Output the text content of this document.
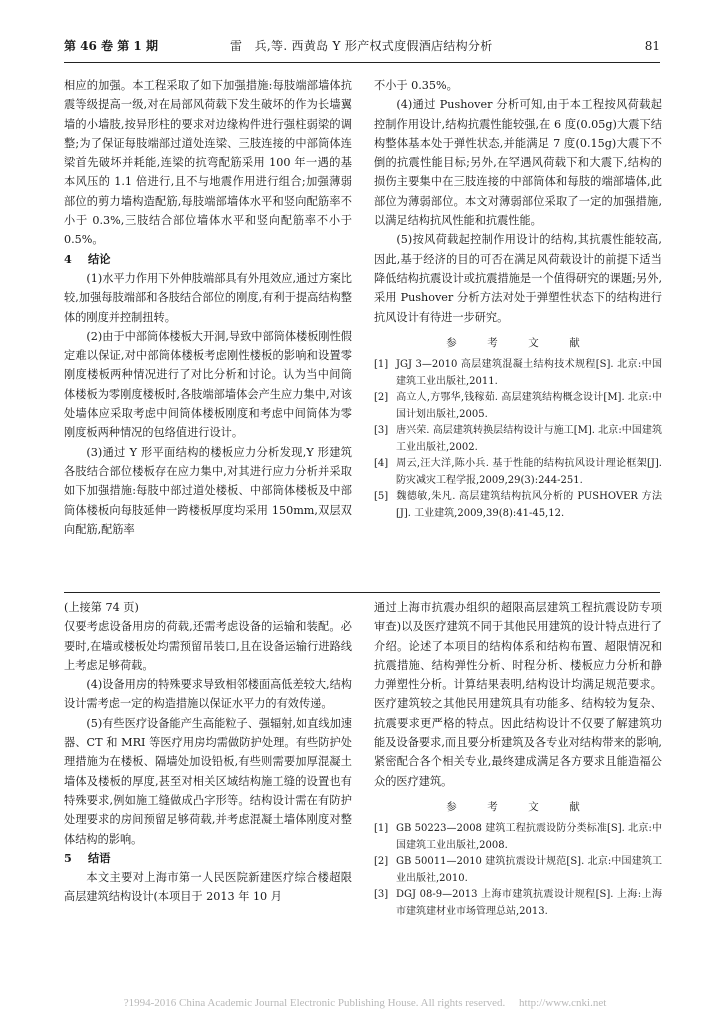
第 46 卷 第 1 期	雷　兵,等. 西黄岛 Y 形产权式度假酒店结构分析	81

相应的加强。本工程采取了如下加强措施:每肢端部墙体抗震等级提高一级,对在局部风荷载下发生破坏的作为长墙翼墙的小墙肢,按异形柱的要求对边缘构件进行强柱弱梁的调整;为了保证每肢端部过道处连梁、三肢连接的中部筒体连梁首先破坏并耗能,连梁的抗弯配筋采用 100 年一遇的基本风压的 1.1 倍进行,且不与地震作用进行组合;加强薄弱部位的剪力墙构造配筋,每肢端部墙体水平和竖向配筋率不小于 0.3%,三肢结合部位墙体水平和竖向配筋率不小于 0.5%。

4 结论

(1)水平力作用下外伸肢端部具有外甩效应,通过方案比较,加强每肢端部和各肢结合部位的刚度,有利于提高结构整体的刚度并控制扭转。

(2)由于中部筒体楼板大开洞,导致中部筒体楼板刚性假定难以保证,对中部筒体楼板考虑刚性楼板的影响和设置零刚度楼板两种情况进行了对比分析和讨论。认为当中间筒体楼板为零刚度楼板时,各肢端部墙体会产生应力集中,对该处墙体应采取考虑中间筒体楼板刚度和考虑中间筒体为零刚度板两种情况的包络值进行设计。

(3)通过 Y 形平面结构的楼板应力分析发现,Y 形建筑各肢结合部位楼板存在应力集中,对其进行应力分析并采取如下加强措施:每肢中部过道处楼板、中部筒体楼板及中部筒体楼板向每肢延伸一跨楼板厚度均采用 150mm,双层双向配筋,配筋率

不小于 0.35%。

(4)通过 Pushover 分析可知,由于本工程按风荷载起控制作用设计,结构抗震性能较强,在 6 度(0.05g)大震下结构整体基本处于弹性状态,并能满足 7 度(0.15g)大震下不倒的抗震性能目标;另外,在罕遇风荷载下和大震下,结构的损伤主要集中在三肢连接的中部筒体和每肢的端部墙体,此部位为薄弱部位。本文对薄弱部位采取了一定的加强措施,以满足结构抗风性能和抗震性能。

(5)按风荷载起控制作用设计的结构,其抗震性能较高,因此,基于经济的目的可否在满足风荷载设计的前提下适当降低结构抗震设计或抗震措施是一个值得研究的课题;另外,采用 Pushover 分析方法对处于弹塑性状态下的结构进行抗风设计有待进一步研究。

参　考　文　献

[1] JGJ 3—2010 高层建筑混凝土结构技术规程[S]. 北京:中国建筑工业出版社,2011.

[2] 高立人,方鄂华,钱稼茹. 高层建筑结构概念设计[M]. 北京:中国计划出版社,2005.

[3] 唐兴荣. 高层建筑转换层结构设计与施工[M]. 北京:中国建筑工业出版社,2002.

[4] 周云,汪大洋,陈小兵. 基于性能的结构抗风设计理论框架[J]. 防灾减灾工程学报,2009,29(3):244-251.

[5] 魏德敏,朱凡. 高层建筑结构抗风分析的 PUSHOVER 方法[J]. 工业建筑,2009,39(8):41-45,12.

(上接第 74 页)

仅要考虑设备用房的荷载,还需考虑设备的运输和装配。必要时,在墙或楼板处均需预留吊装口,且在设备运输行进路线上考虑足够荷载。

(4)设备用房的特殊要求导致相邻楼面高低差较大,结构设计需考虑一定的构造措施以保证水平力的有效传递。

(5)有些医疗设备能产生高能粒子、强辐射,如直线加速器、CT 和 MRI 等医疗用房均需做防护处理。有些防护处理措施为在楼板、隔墙处加设铅板,有些则需要加厚混凝土墙体及楼板的厚度,甚至对相关区域结构施工缝的设置也有特殊要求,例如施工缝做成凸字形等。结构设计需在有防护处理要求的房间预留足够荷载,并考虑混凝土墙体刚度对整体结构的影响。

5 结语

本文主要对上海市第一人民医院新建医疗综合楼超限高层建筑结构设计(本项目于 2013 年 10 月

通过上海市抗震办组织的超限高层建筑工程抗震设防专项审查)以及医疗建筑不同于其他民用建筑的设计特点进行了介绍。论述了本项目的结构体系和结构布置、超限情况和抗震措施、结构弹性分析、时程分析、楼板应力分析和静力弹塑性分析。计算结果表明,结构设计均满足规范要求。医疗建筑较之其他民用建筑具有功能多、结构较为复杂、抗震要求更严格的特点。因此结构设计不仅要了解建筑功能及设备要求,而且要分析建筑及各专业对结构带来的影响,紧密配合各个相关专业,最终建成满足各方要求且能造福公众的医疗建筑。

参　考　文　献

[1] GB 50223—2008 建筑工程抗震设防分类标准[S]. 北京:中国建筑工业出版社,2008.

[2] GB 50011—2010 建筑抗震设计规范[S]. 北京:中国建筑工业出版社,2010.

[3] DGJ 08-9—2013 上海市建筑抗震设计规程[S]. 上海:上海市建筑建材业市场管理总站,2013.

?1994-2016 China Academic Journal Electronic Publishing House. All rights reserved.　 http://www.cnki.net
